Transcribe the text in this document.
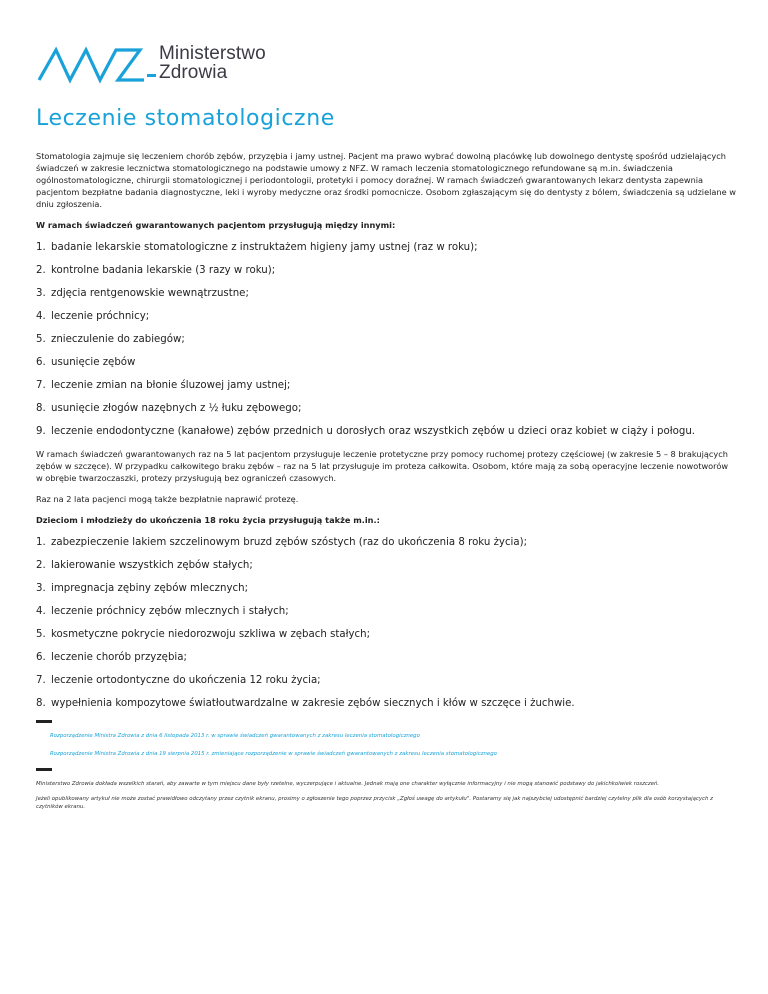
Ministerstwo
Zdrowia
Leczenie stomatologiczne

Stomatologia zajmuje się leczeniem chorób zębów, przyzębia i jamy ustnej. Pacjent ma prawo wybrać dowolną placówkę lub dowolnego dentystę spośród udzielających świadczeń w zakresie lecznictwa stomatologicznego na podstawie umowy z NFZ. W ramach leczenia stomatologicznego refundowane są m.in. świadczenia ogólnostomatologiczne, chirurgii stomatologicznej i periodontologii, protetyki i pomocy doraźnej. W ramach świadczeń gwarantowanych lekarz dentysta zapewnia pacjentom bezpłatne badania diagnostyczne, leki i wyroby medyczne oraz środki pomocnicze. Osobom zgłaszającym się do dentysty z bólem, świadczenia są udzielane w dniu zgłoszenia.

W ramach świadczeń gwarantowanych pacjentom przysługują między innymi:

1. badanie lekarskie stomatologiczne z instruktażem higieny jamy ustnej (raz w roku);
2. kontrolne badania lekarskie (3 razy w roku);
3. zdjęcia rentgenowskie wewnątrzustne;
4. leczenie próchnicy;
5. znieczulenie do zabiegów;
6. usunięcie zębów
7. leczenie zmian na błonie śluzowej jamy ustnej;
8. usunięcie złogów nazębnych z ½ łuku zębowego;
9. leczenie endodontyczne (kanałowe) zębów przednich u dorosłych oraz wszystkich zębów u dzieci oraz kobiet w ciąży i połogu.

W ramach świadczeń gwarantowanych raz na 5 lat pacjentom przysługuje leczenie protetyczne przy pomocy ruchomej protezy częściowej (w zakresie 5 – 8 brakujących zębów w szczęce). W przypadku całkowitego braku zębów – raz na 5 lat przysługuje im proteza całkowita. Osobom, które mają za sobą operacyjne leczenie nowotworów w obrębie twarzoczaszki, protezy przysługują bez ograniczeń czasowych.

Raz na 2 lata pacjenci mogą także bezpłatnie naprawić protezę.

Dzieciom i młodzieży do ukończenia 18 roku życia przysługują także m.in.:

1. zabezpieczenie lakiem szczelinowym bruzd zębów szóstych (raz do ukończenia 8 roku życia);
2. lakierowanie wszystkich zębów stałych;
3. impregnacja zębiny zębów mlecznych;
4. leczenie próchnicy zębów mlecznych i stałych;
5. kosmetyczne pokrycie niedorozwoju szkliwa w zębach stałych;
6. leczenie chorób przyzębia;
7. leczenie ortodontyczne do ukończenia 12 roku życia;
8. wypełnienia kompozytowe światłoutwardzalne w zakresie zębów siecznych i kłów w szczęce i żuchwie.
Rozporządzenie Ministra Zdrowia z dnia 6 listopada 2013 r. w sprawie świadczeń gwarantowanych z zakresu leczenia stomatologicznego
Rozporządzenie Ministra Zdrowia z dnia 19 sierpnia 2015 r. zmieniające rozporządzenie w sprawie świadczeń gwarantowanych z zakresu leczenia stomatologicznego
Ministerstwo Zdrowia dokłada wszelkich starań, aby zawarte w tym miejscu dane były rzetelne, wyczerpujące i aktualne. Jednak mają one charakter wyłącznie informacyjny i nie mogą stanowić podstawy do jakichkolwiek roszczeń.
Jeżeli opublikowany artykuł nie może zostać prawidłowo odczytany przez czytnik ekranu, prosimy o zgłoszenie tego poprzez przycisk „Zgłoś uwagę do artykułu". Postaramy się jak najszybciej udostępnić bardziej czytelny plik dla osób korzystających z czytników ekranu.
